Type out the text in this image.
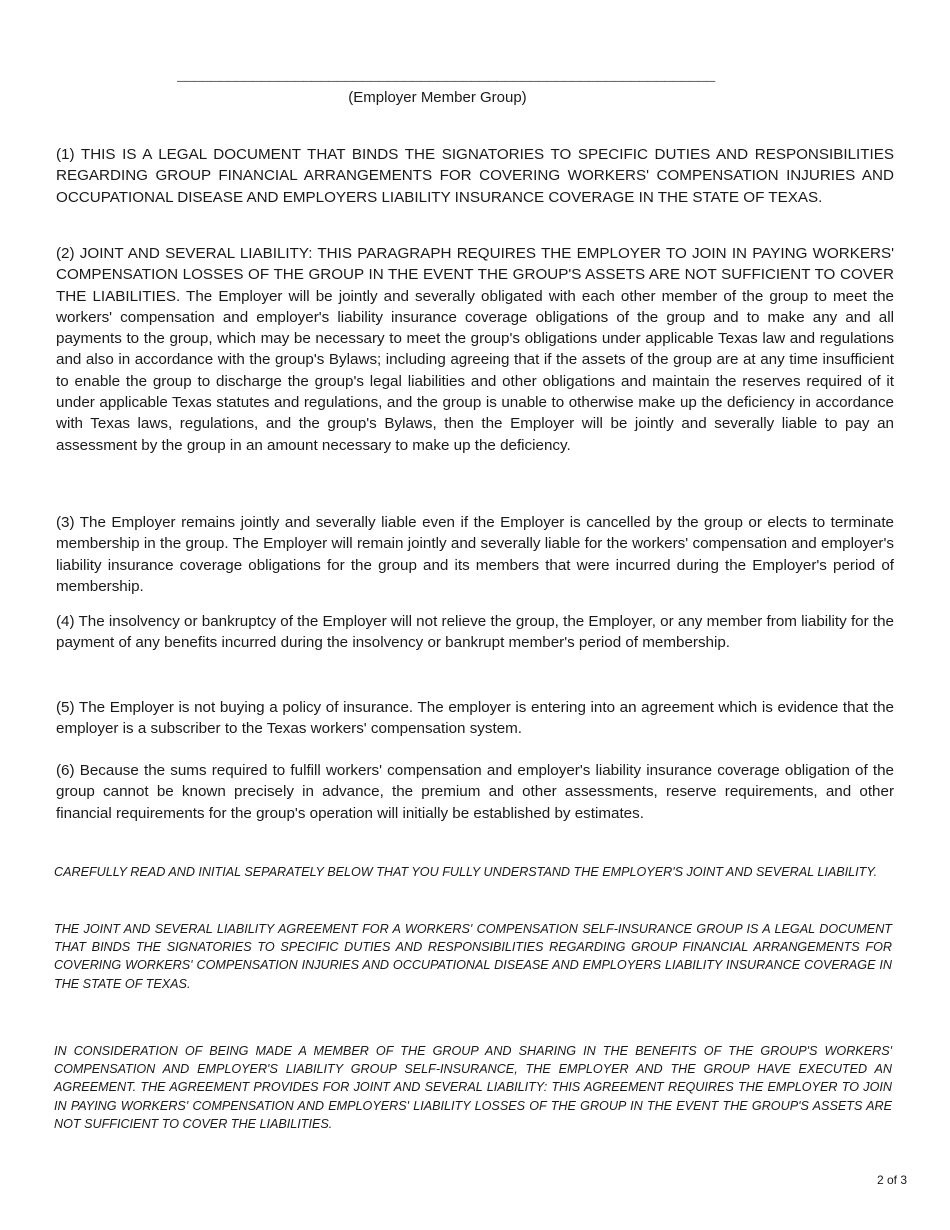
________________________________________________________________
(Employer Member Group)

(1) THIS IS A LEGAL DOCUMENT THAT BINDS THE SIGNATORIES TO SPECIFIC DUTIES AND RESPONSIBILITIES REGARDING GROUP FINANCIAL ARRANGEMENTS FOR COVERING WORKERS' COMPENSATION INJURIES AND OCCUPATIONAL DISEASE AND EMPLOYERS LIABILITY INSURANCE COVERAGE IN THE STATE OF TEXAS.

(2) JOINT AND SEVERAL LIABILITY: THIS PARAGRAPH REQUIRES THE EMPLOYER TO JOIN IN PAYING WORKERS' COMPENSATION LOSSES OF THE GROUP IN THE EVENT THE GROUP'S ASSETS ARE NOT SUFFICIENT TO COVER THE LIABILITIES. The Employer will be jointly and severally obligated with each other member of the group to meet the workers' compensation and employer's liability insurance coverage obligations of the group and to make any and all payments to the group, which may be necessary to meet the group's obligations under applicable Texas law and regulations and also in accordance with the group's Bylaws; including agreeing that if the assets of the group are at any time insufficient to enable the group to discharge the group's legal liabilities and other obligations and maintain the reserves required of it under applicable Texas statutes and regulations, and the group is unable to otherwise make up the deficiency in accordance with Texas laws, regulations, and the group's Bylaws, then the Employer will be jointly and severally liable to pay an assessment by the group in an amount necessary to make up the deficiency.

(3) The Employer remains jointly and severally liable even if the Employer is cancelled by the group or elects to terminate membership in the group. The Employer will remain jointly and severally liable for the workers' compensation and employer's liability insurance coverage obligations for the group and its members that were incurred during the Employer's period of membership.

(4) The insolvency or bankruptcy of the Employer will not relieve the group, the Employer, or any member from liability for the payment of any benefits incurred during the insolvency or bankrupt member's period of membership.

(5) The Employer is not buying a policy of insurance. The employer is entering into an agreement which is evidence that the employer is a subscriber to the Texas workers' compensation system.

(6) Because the sums required to fulfill workers' compensation and employer's liability insurance coverage obligation of the group cannot be known precisely in advance, the premium and other assessments, reserve requirements, and other financial requirements for the group's operation will initially be established by estimates.

CAREFULLY READ AND INITIAL SEPARATELY BELOW THAT YOU FULLY UNDERSTAND THE EMPLOYER'S JOINT AND SEVERAL LIABILITY.

THE JOINT AND SEVERAL LIABILITY AGREEMENT FOR A WORKERS' COMPENSATION SELF-INSURANCE GROUP IS A LEGAL DOCUMENT THAT BINDS THE SIGNATORIES TO SPECIFIC DUTIES AND RESPONSIBILITIES REGARDING GROUP FINANCIAL ARRANGEMENTS FOR COVERING WORKERS' COMPENSATION INJURIES AND OCCUPATIONAL DISEASE AND EMPLOYERS LIABILITY INSURANCE COVERAGE IN THE STATE OF TEXAS.

IN CONSIDERATION OF BEING MADE A MEMBER OF THE GROUP AND SHARING IN THE BENEFITS OF THE GROUP'S WORKERS' COMPENSATION AND EMPLOYER'S LIABILITY GROUP SELF-INSURANCE, THE EMPLOYER AND THE GROUP HAVE EXECUTED AN AGREEMENT. THE AGREEMENT PROVIDES FOR JOINT AND SEVERAL LIABILITY: THIS AGREEMENT REQUIRES THE EMPLOYER TO JOIN IN PAYING WORKERS' COMPENSATION AND EMPLOYERS' LIABILITY LOSSES OF THE GROUP IN THE EVENT THE GROUP'S ASSETS ARE NOT SUFFICIENT TO COVER THE LIABILITIES.

2 of 3
